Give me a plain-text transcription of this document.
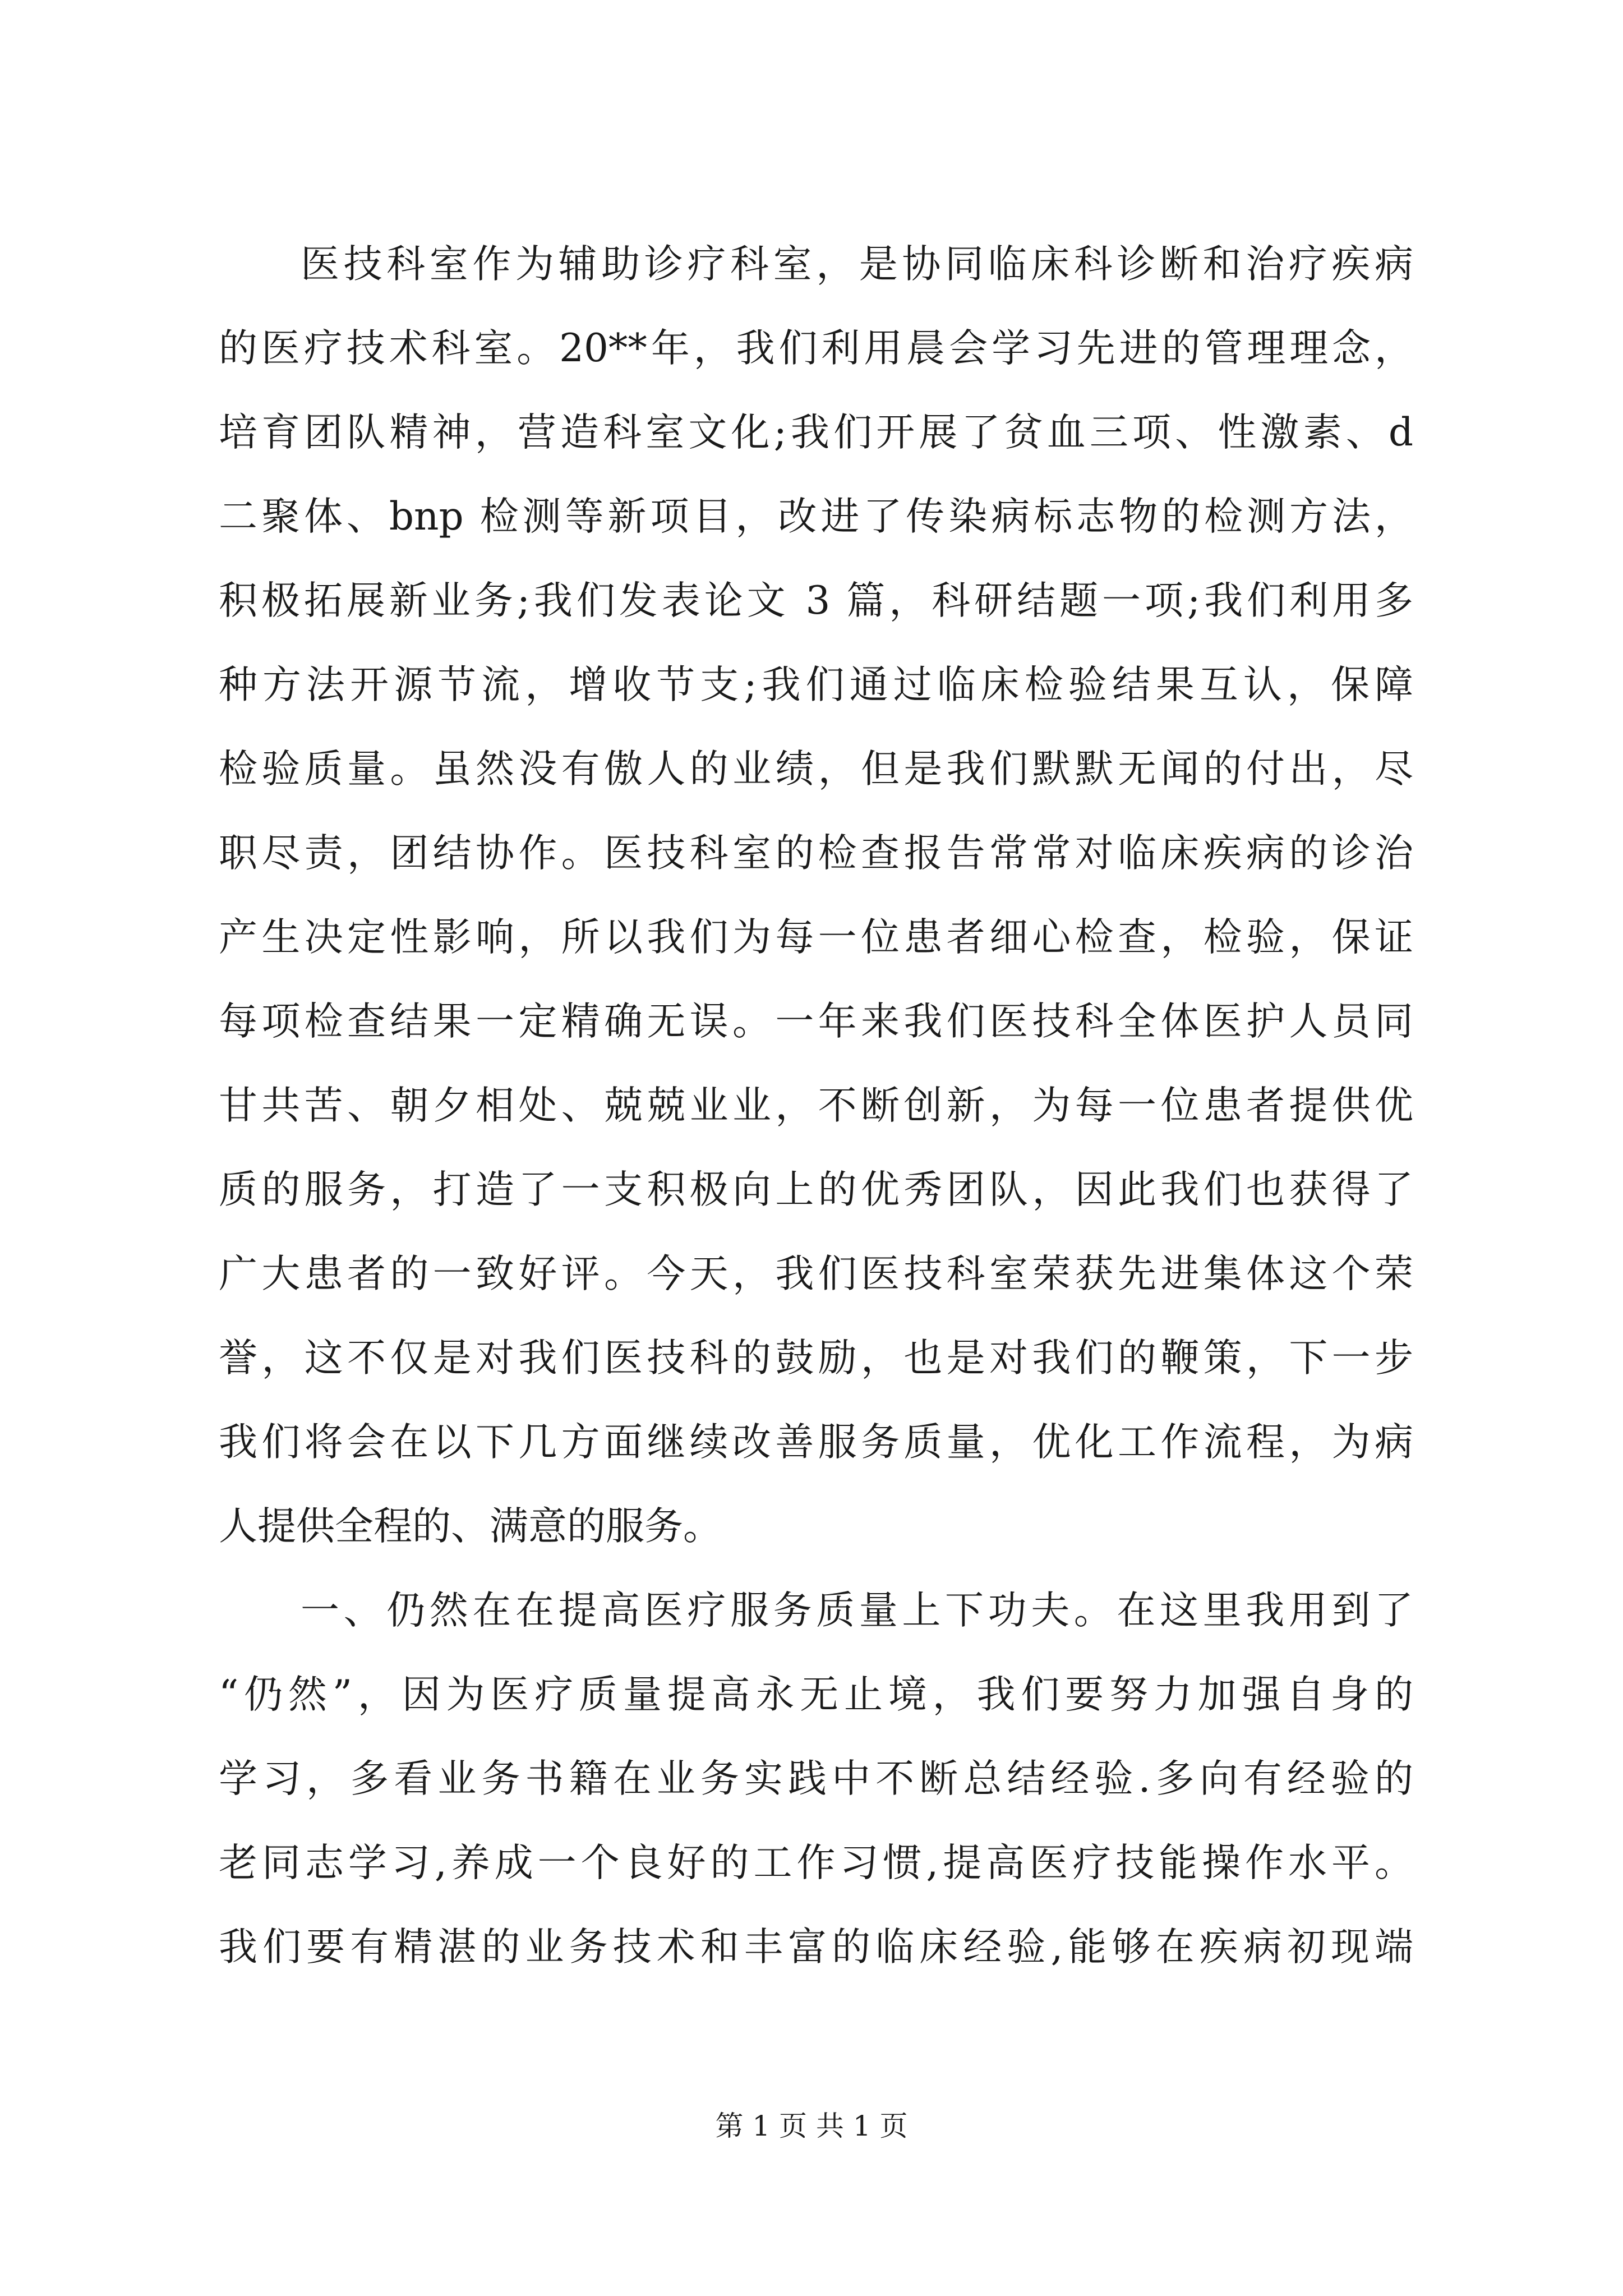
医技科室作为辅助诊疗科室，是协同临床科诊断和治疗疾病
的医疗技术科室。20**年，我们利用晨会学习先进的管理理念，
培育团队精神，营造科室文化;我们开展了贫血三项、性激素、d
二聚体、bnp 检测等新项目，改进了传染病标志物的检测方法，
积极拓展新业务;我们发表论文 3 篇，科研结题一项;我们利用多
种方法开源节流，增收节支;我们通过临床检验结果互认，保障
检验质量。虽然没有傲人的业绩，但是我们默默无闻的付出，尽
职尽责，团结协作。医技科室的检查报告常常对临床疾病的诊治
产生决定性影响，所以我们为每一位患者细心检查，检验，保证
每项检查结果一定精确无误。一年来我们医技科全体医护人员同
甘共苦、朝夕相处、兢兢业业，不断创新，为每一位患者提供优
质的服务，打造了一支积极向上的优秀团队，因此我们也获得了
广大患者的一致好评。今天，我们医技科室荣获先进集体这个荣
誉，这不仅是对我们医技科的鼓励，也是对我们的鞭策，下一步
我们将会在以下几方面继续改善服务质量，优化工作流程，为病
人提供全程的、满意的服务。
一、仍然在在提高医疗服务质量上下功夫。在这里我用到了
“仍然”，因为医疗质量提高永无止境，我们要努力加强自身的
学习，多看业务书籍在业务实践中不断总结经验.多向有经验的
老同志学习,养成一个良好的工作习惯,提高医疗技能操作水平。
我们要有精湛的业务技术和丰富的临床经验,能够在疾病初现端
第 1 页 共 1 页
